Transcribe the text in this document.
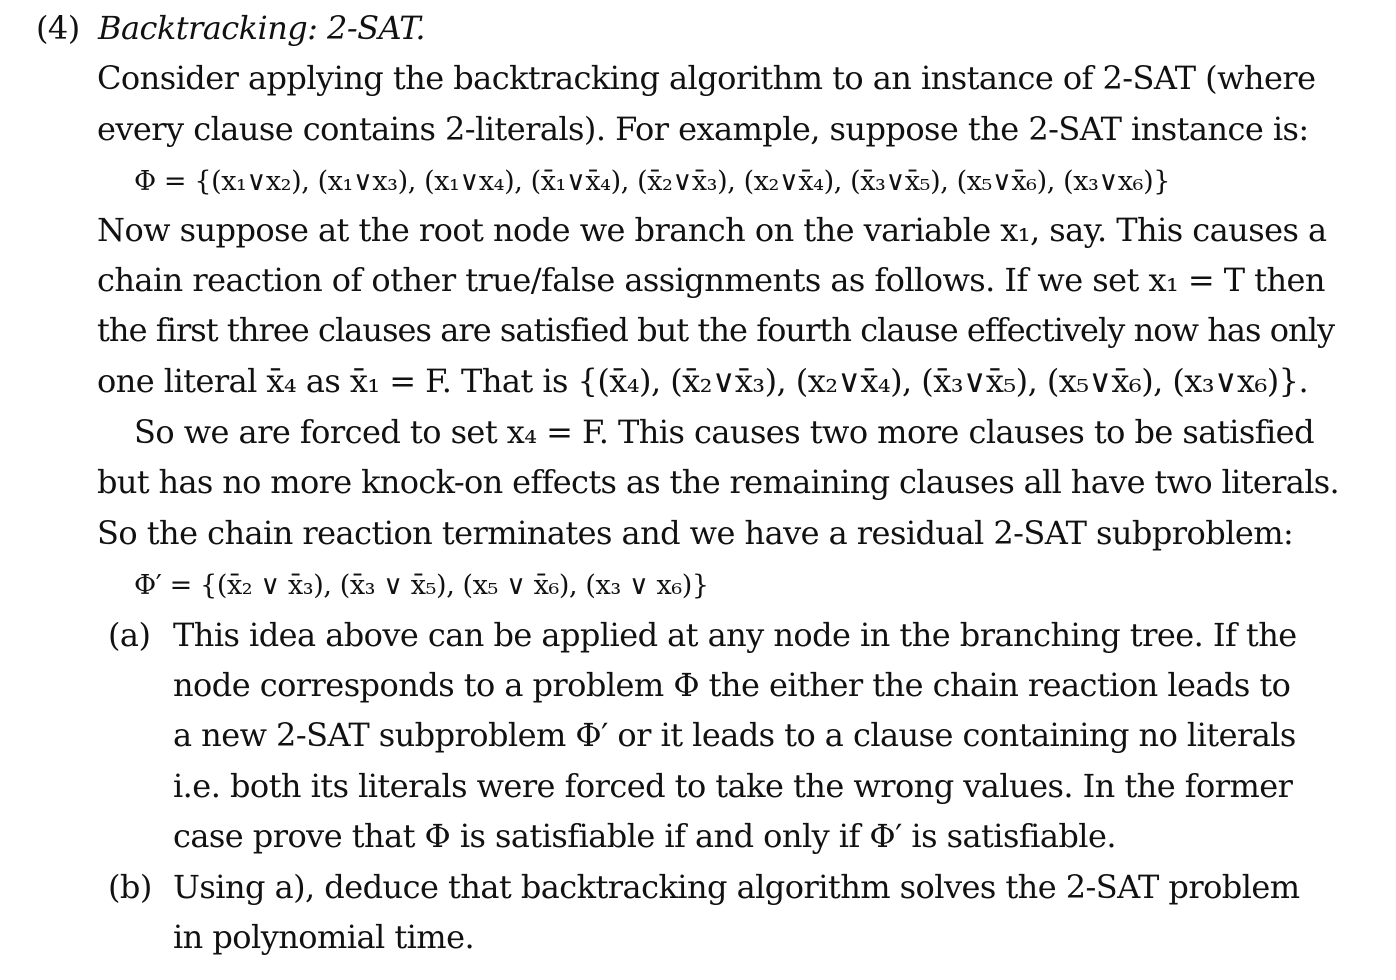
(4) Backtracking: 2-SAT.
Consider applying the backtracking algorithm to an instance of 2-SAT (where
every clause contains 2-literals). For example, suppose the 2-SAT instance is:
Φ = {(x₁∨x₂), (x₁∨x₃), (x₁∨x₄), (x̄₁∨x̄₄), (x̄₂∨x̄₃), (x₂∨x̄₄), (x̄₃∨x̄₅), (x₅∨x̄₆), (x₃∨x₆)}
Now suppose at the root node we branch on the variable x₁, say. This causes a
chain reaction of other true/false assignments as follows. If we set x₁ = T then
the first three clauses are satisfied but the fourth clause effectively now has only
one literal x̄₄ as x̄₁ = F. That is {(x̄₄), (x̄₂∨x̄₃), (x₂∨x̄₄), (x̄₃∨x̄₅), (x₅∨x̄₆), (x₃∨x₆)}.
So we are forced to set x₄ = F. This causes two more clauses to be satisfied
but has no more knock-on effects as the remaining clauses all have two literals.
So the chain reaction terminates and we have a residual 2-SAT subproblem:
Φ′ = {(x̄₂ ∨ x̄₃), (x̄₃ ∨ x̄₅), (x₅ ∨ x̄₆), (x₃ ∨ x₆)}
(a) This idea above can be applied at any node in the branching tree. If the
node corresponds to a problem Φ the either the chain reaction leads to
a new 2-SAT subproblem Φ′ or it leads to a clause containing no literals
i.e. both its literals were forced to take the wrong values. In the former
case prove that Φ is satisfiable if and only if Φ′ is satisfiable.
(b) Using a), deduce that backtracking algorithm solves the 2-SAT problem
in polynomial time.
